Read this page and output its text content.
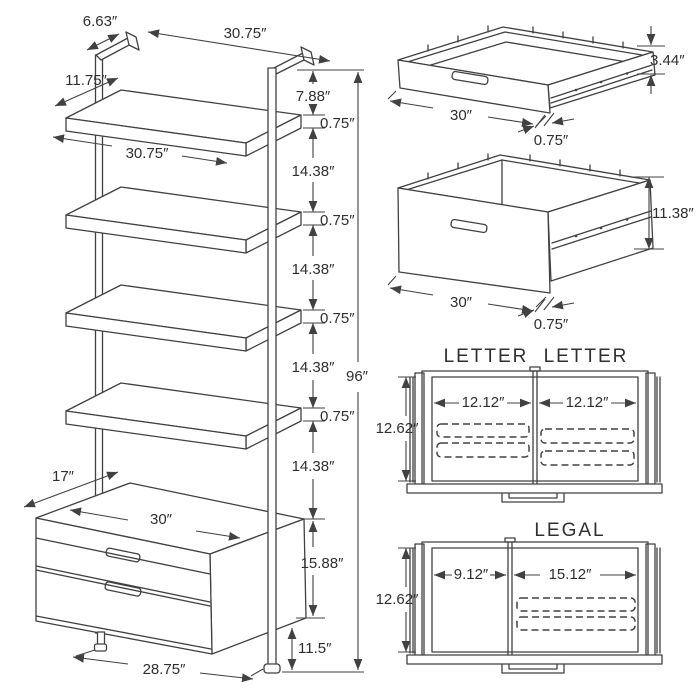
6.63″
30.75″
11.75″
30.75″
7.88″
0.75″
14.38″
0.75″
14.38″
0.75″
14.38″
0.75″
14.38″
15.88″
11.5″
96″
17″
30″
28.75″
3.44″
30″
0.75″
11.38″
30″
0.75″
LETTER LETTER
12.12″	12.12″
12.62″
LEGAL
9.12″	15.12″
12.62″
